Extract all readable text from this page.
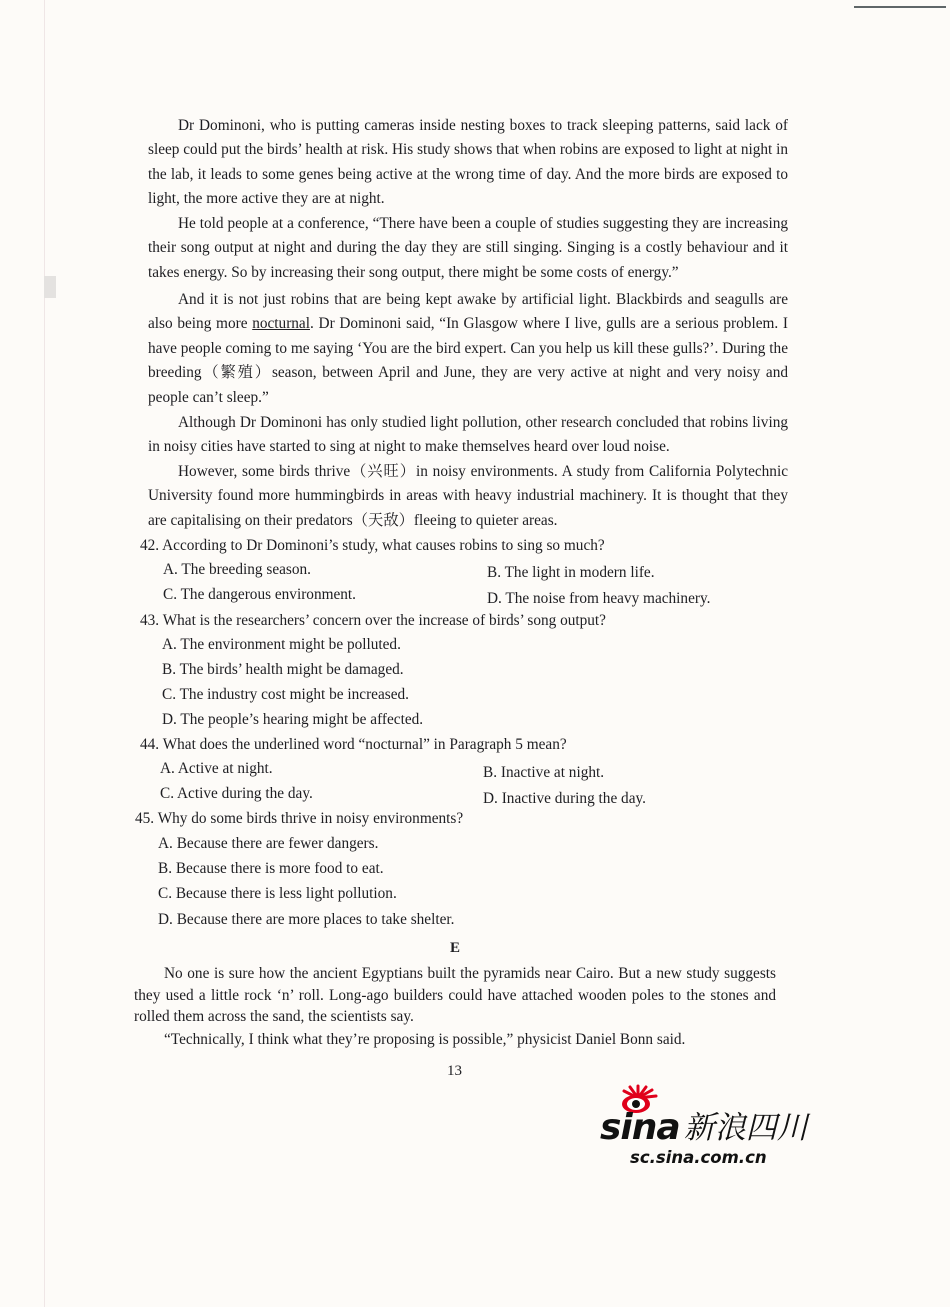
Dr Dominoni, who is putting cameras inside nesting boxes to track sleeping patterns, said lack of sleep could put the birds’ health at risk. His study shows that when robins are exposed to light at night in the lab, it leads to some genes being active at the wrong time of day. And the more birds are exposed to light, the more active they are at night.

He told people at a conference, “There have been a couple of studies suggesting they are increasing their song output at night and during the day they are still singing. Singing is a costly behaviour and it takes energy. So by increasing their song output, there might be some costs of energy.”

And it is not just robins that are being kept awake by artificial light. Blackbirds and seagulls are also being more nocturnal. Dr Dominoni said, “In Glasgow where I live, gulls are a serious problem. I have people coming to me saying ‘You are the bird expert. Can you help us kill these gulls?’. During the breeding（繁殖）season, between April and June, they are very active at night and very noisy and people can’t sleep.”

Although Dr Dominoni has only studied light pollution, other research concluded that robins living in noisy cities have started to sing at night to make themselves heard over loud noise.

However, some birds thrive（兴旺）in noisy environments. A study from California Polytechnic University found more hummingbirds in areas with heavy industrial machinery. It is thought that they are capitalising on their predators（天敌）fleeing to quieter areas.

42. According to Dr Dominoni’s study, what causes robins to sing so much?

A. The breeding season.	B. The light in modern life.

C. The dangerous environment.	D. The noise from heavy machinery.

43. What is the researchers’ concern over the increase of birds’ song output?

A. The environment might be polluted.

B. The birds’ health might be damaged.

C. The industry cost might be increased.

D. The people’s hearing might be affected.

44. What does the underlined word “nocturnal” in Paragraph 5 mean?

A. Active at night.	B. Inactive at night.

C. Active during the day.	D. Inactive during the day.

45. Why do some birds thrive in noisy environments?

A. Because there are fewer dangers.

B. Because there is more food to eat.

C. Because there is less light pollution.

D. Because there are more places to take shelter.

E

No one is sure how the ancient Egyptians built the pyramids near Cairo. But a new study suggests they used a little rock ‘n’ roll. Long-ago builders could have attached wooden poles to the stones and rolled them across the sand, the scientists say.

“Technically, I think what they’re proposing is possible,” physicist Daniel Bonn said.

13
sina 新浪四川
sc.sina.com.cn
